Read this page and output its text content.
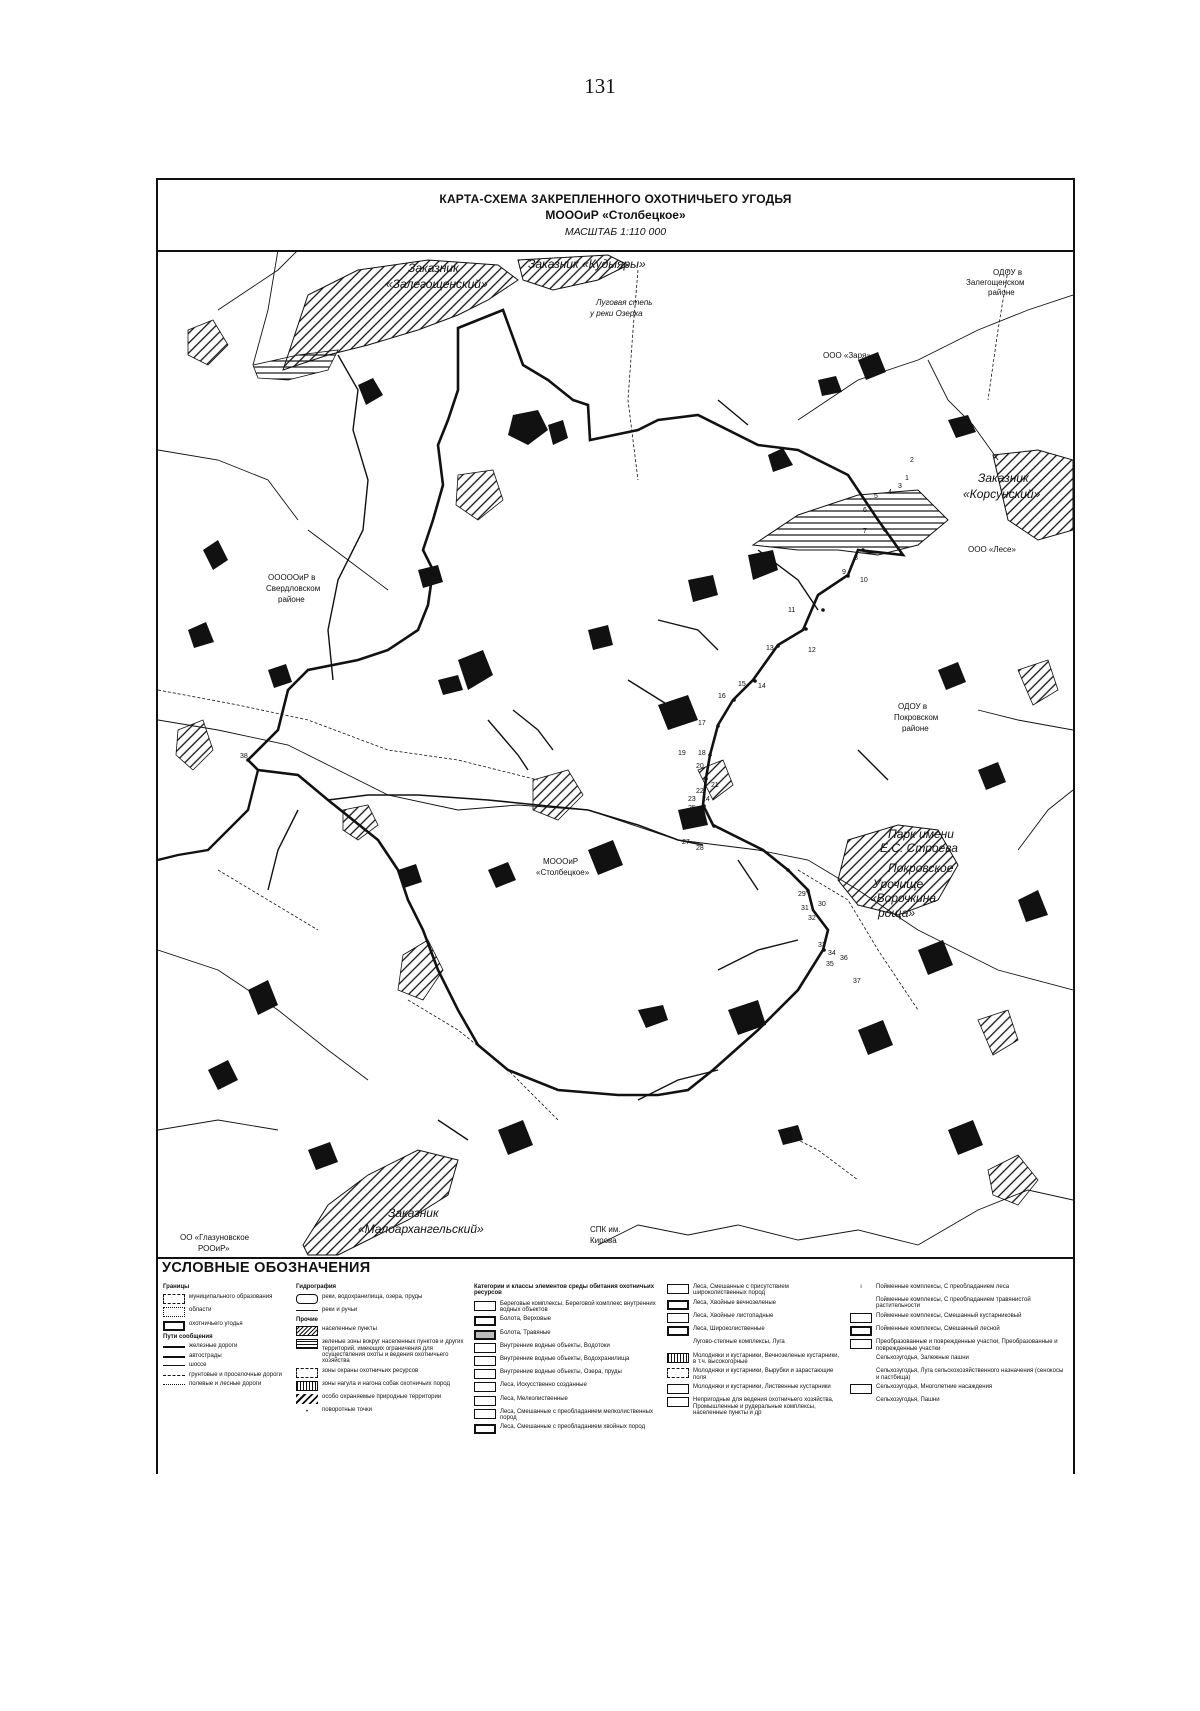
131
КАРТА-СХЕМА ЗАКРЕПЛЕННОГО ОХОТНИЧЬЕГО УГОДЬЯ
МОООиР «Столбецкое»
МАСШТАБ 1:110 000
Заказник
«Залегощенский»
Заказник «Кудыяры»
Луговая степь
у реки Озерка
ОДОУ в
Залегощенском
районе
ООО «Заря»
Заказник
«Корсунский»
ООО «Лесе»
ОООООиР в
Свердловском
районе
ОДОУ в
Покровском
районе
Парк имени
Е.С. Строева
Покровское
Урочище
«Ворочкина
роща»
МОООиР
«Столбецкое»
Заказник
«Малоархангельский»
ОО «Глазуновское
РООиР»
СПК им.
Кирова
1
2
3
4
5
6
7
8
9
10
11
12
13
14
15
16
17
18
19
20
21
22
23 24
25
26
27
28
29
30
31
32
33
34
35
36
37
38
УСЛОВНЫЕ ОБОЗНАЧЕНИЯ
Границы
муниципального образования
области
охотничьего угодья
Пути сообщения
железные дороги
автострады
шоссе
грунтовые и проселочные дороги
полевые и лесные дороги
Гидрография
реки, водохранилища, озера, пруды
реки и ручьи
Прочие
населенные пункты
зеленые зоны вокруг населенных пунктов и других территорий, имеющих ограничения для осуществления охоты и ведения охотничьего хозяйства
зоны охраны охотничьих ресурсов
зоны нагула и нагона собак охотничьих пород
особо охраняемые природные территории
•	поворотные точки
Категории и классы элементов среды обитания охотничьих ресурсов
Береговые комплексы, Береговой комплекс внутренних водных объектов
Болота, Верховые
Болота, Травяные
Внутренние водные объекты, Водотоки
Внутренние водные объекты, Водохранилища
Внутренние водные объекты, Озера, пруды
Леса, Искусственно созданные
Леса, Мелколиственные
Леса, Смешанные с преобладанием мелколиственных пород
Леса, Смешанные с преобладанием хвойных пород
Леса, Смешанные с присутствием широколиственных пород
Леса, Хвойные вечнозеленые
Леса, Хвойные листопадные
Леса, Широколиственные
Лугово-степные комплексы, Луга
Молодняки и кустарники, Вечнозеленые кустарники, в т.ч. высокогорные
Молодняки и кустарники, Вырубки и зарастающие поля
Молодняки и кустарники, Лиственные кустарники
Непригодные для ведения охотничьего хозяйства, Промышленные и рудеральные комплексы, населенные пункты и др
ι	Пойменные комплексы, С преобладанием леса
Пойменные комплексы, С преобладанием травянистой растительности
Пойменные комплексы, Смешанный кустарниковый
Пойменные комплексы, Смешанный лесной
Преобразованные и поврежденные участки, Преобразованные и поврежденные участки
Сельхозугодья, Залежные пашни
Сельхозугодья, Луга сельскохозяйственного назначения (сенокосы и пастбища)
Сельхозугодья, Многолетние насаждения
Сельхозугодья, Пашни
